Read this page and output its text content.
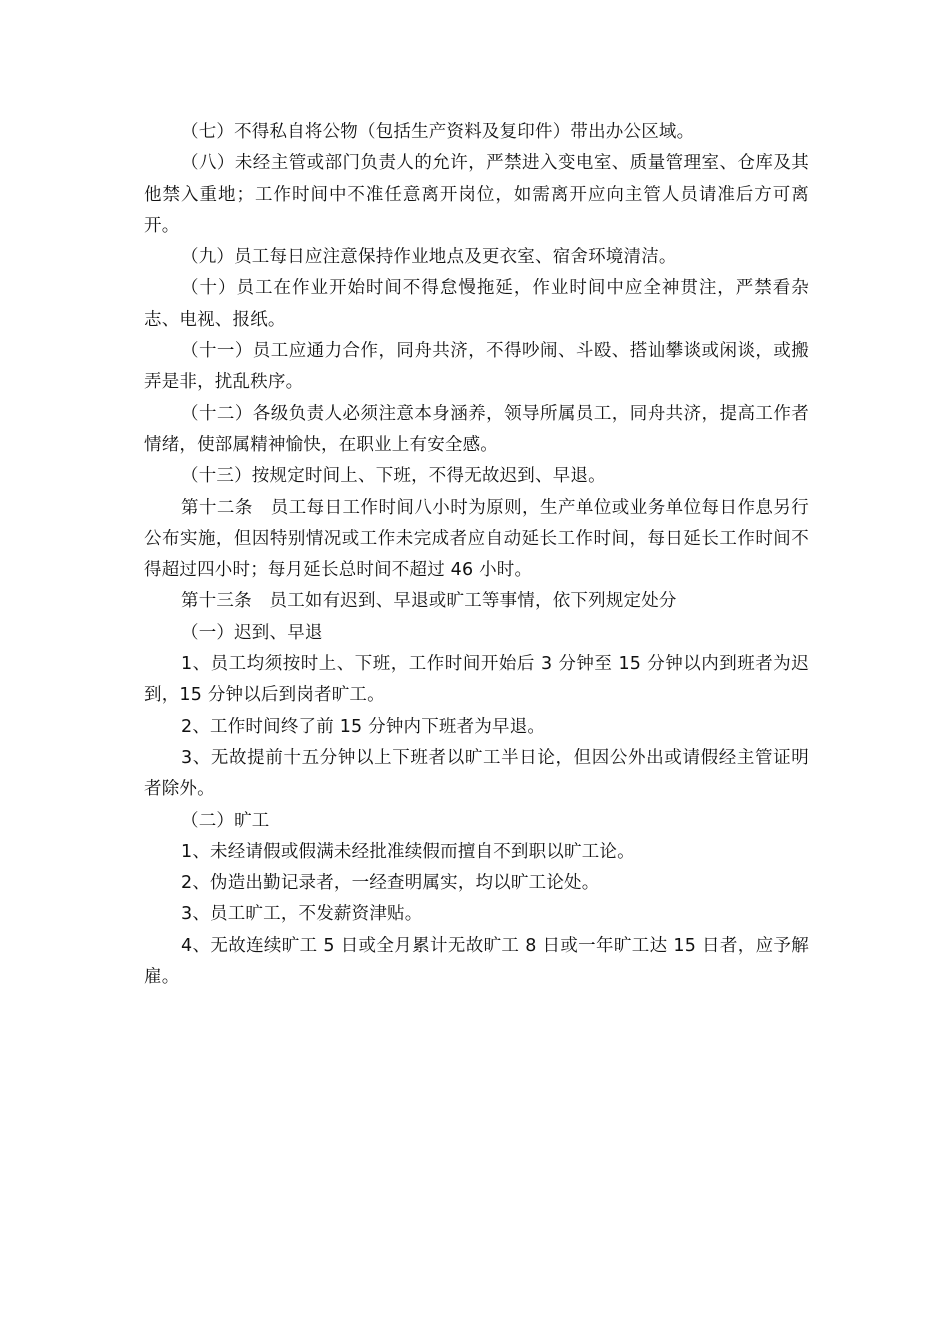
（七）不得私自将公物（包括生产资料及复印件）带出办公区域。

（八）未经主管或部门负责人的允许，严禁进入变电室、质量管理室、仓库及其他禁入重地；工作时间中不准任意离开岗位，如需离开应向主管人员请准后方可离开。

（九）员工每日应注意保持作业地点及更衣室、宿舍环境清洁。

（十）员工在作业开始时间不得怠慢拖延，作业时间中应全神贯注，严禁看杂志、电视、报纸。

（十一）员工应通力合作，同舟共济，不得吵闹、斗殴、搭讪攀谈或闲谈，或搬弄是非，扰乱秩序。

（十二）各级负责人必须注意本身涵养，领导所属员工，同舟共济，提高工作者情绪，使部属精神愉快，在职业上有安全感。

（十三）按规定时间上、下班，不得无故迟到、早退。

第十二条　员工每日工作时间八小时为原则，生产单位或业务单位每日作息另行公布实施，但因特别情况或工作未完成者应自动延长工作时间，每日延长工作时间不得超过四小时；每月延长总时间不超过 46 小时。

第十三条　员工如有迟到、早退或旷工等事情，依下列规定处分

（一）迟到、早退

1、员工均须按时上、下班，工作时间开始后 3 分钟至 15 分钟以内到班者为迟到，15 分钟以后到岗者旷工。

2、工作时间终了前 15 分钟内下班者为早退。

3、无故提前十五分钟以上下班者以旷工半日论，但因公外出或请假经主管证明者除外。

（二）旷工

1、未经请假或假满未经批准续假而擅自不到职以旷工论。

2、伪造出勤记录者，一经查明属实，均以旷工论处。

3、员工旷工，不发薪资津贴。

4、无故连续旷工 5 日或全月累计无故旷工 8 日或一年旷工达 15 日者，应予解雇。
